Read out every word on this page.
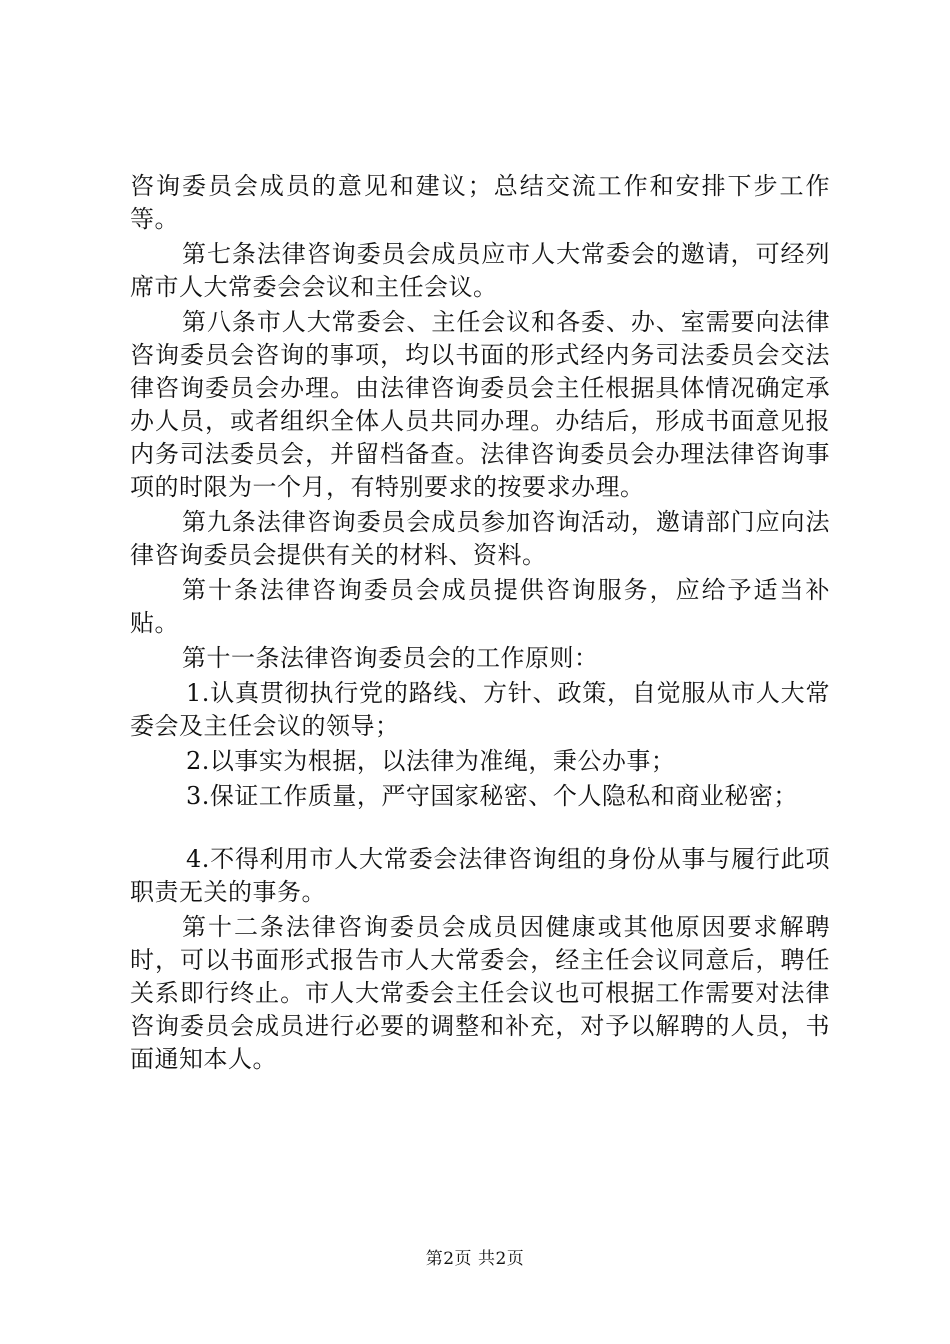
咨询委员会成员的意见和建议；总结交流工作和安排下步工作等。

第七条法律咨询委员会成员应市人大常委会的邀请，可经列席市人大常委会会议和主任会议。

第八条市人大常委会、主任会议和各委、办、室需要向法律咨询委员会咨询的事项，均以书面的形式经内务司法委员会交法律咨询委员会办理。由法律咨询委员会主任根据具体情况确定承办人员，或者组织全体人员共同办理。办结后，形成书面意见报内务司法委员会，并留档备查。法律咨询委员会办理法律咨询事项的时限为一个月，有特别要求的按要求办理。

第九条法律咨询委员会成员参加咨询活动，邀请部门应向法律咨询委员会提供有关的材料、资料。

第十条法律咨询委员会成员提供咨询服务，应给予适当补贴。

第十一条法律咨询委员会的工作原则：

1.认真贯彻执行党的路线、方针、政策，自觉服从市人大常委会及主任会议的领导；

2.以事实为根据，以法律为准绳，秉公办事；

3.保证工作质量，严守国家秘密、个人隐私和商业秘密；

4.不得利用市人大常委会法律咨询组的身份从事与履行此项职责无关的事务。

第十二条法律咨询委员会成员因健康或其他原因要求解聘时，可以书面形式报告市人大常委会，经主任会议同意后，聘任关系即行终止。市人大常委会主任会议也可根据工作需要对法律咨询委员会成员进行必要的调整和补充，对予以解聘的人员，书面通知本人。

第2页 共2页
